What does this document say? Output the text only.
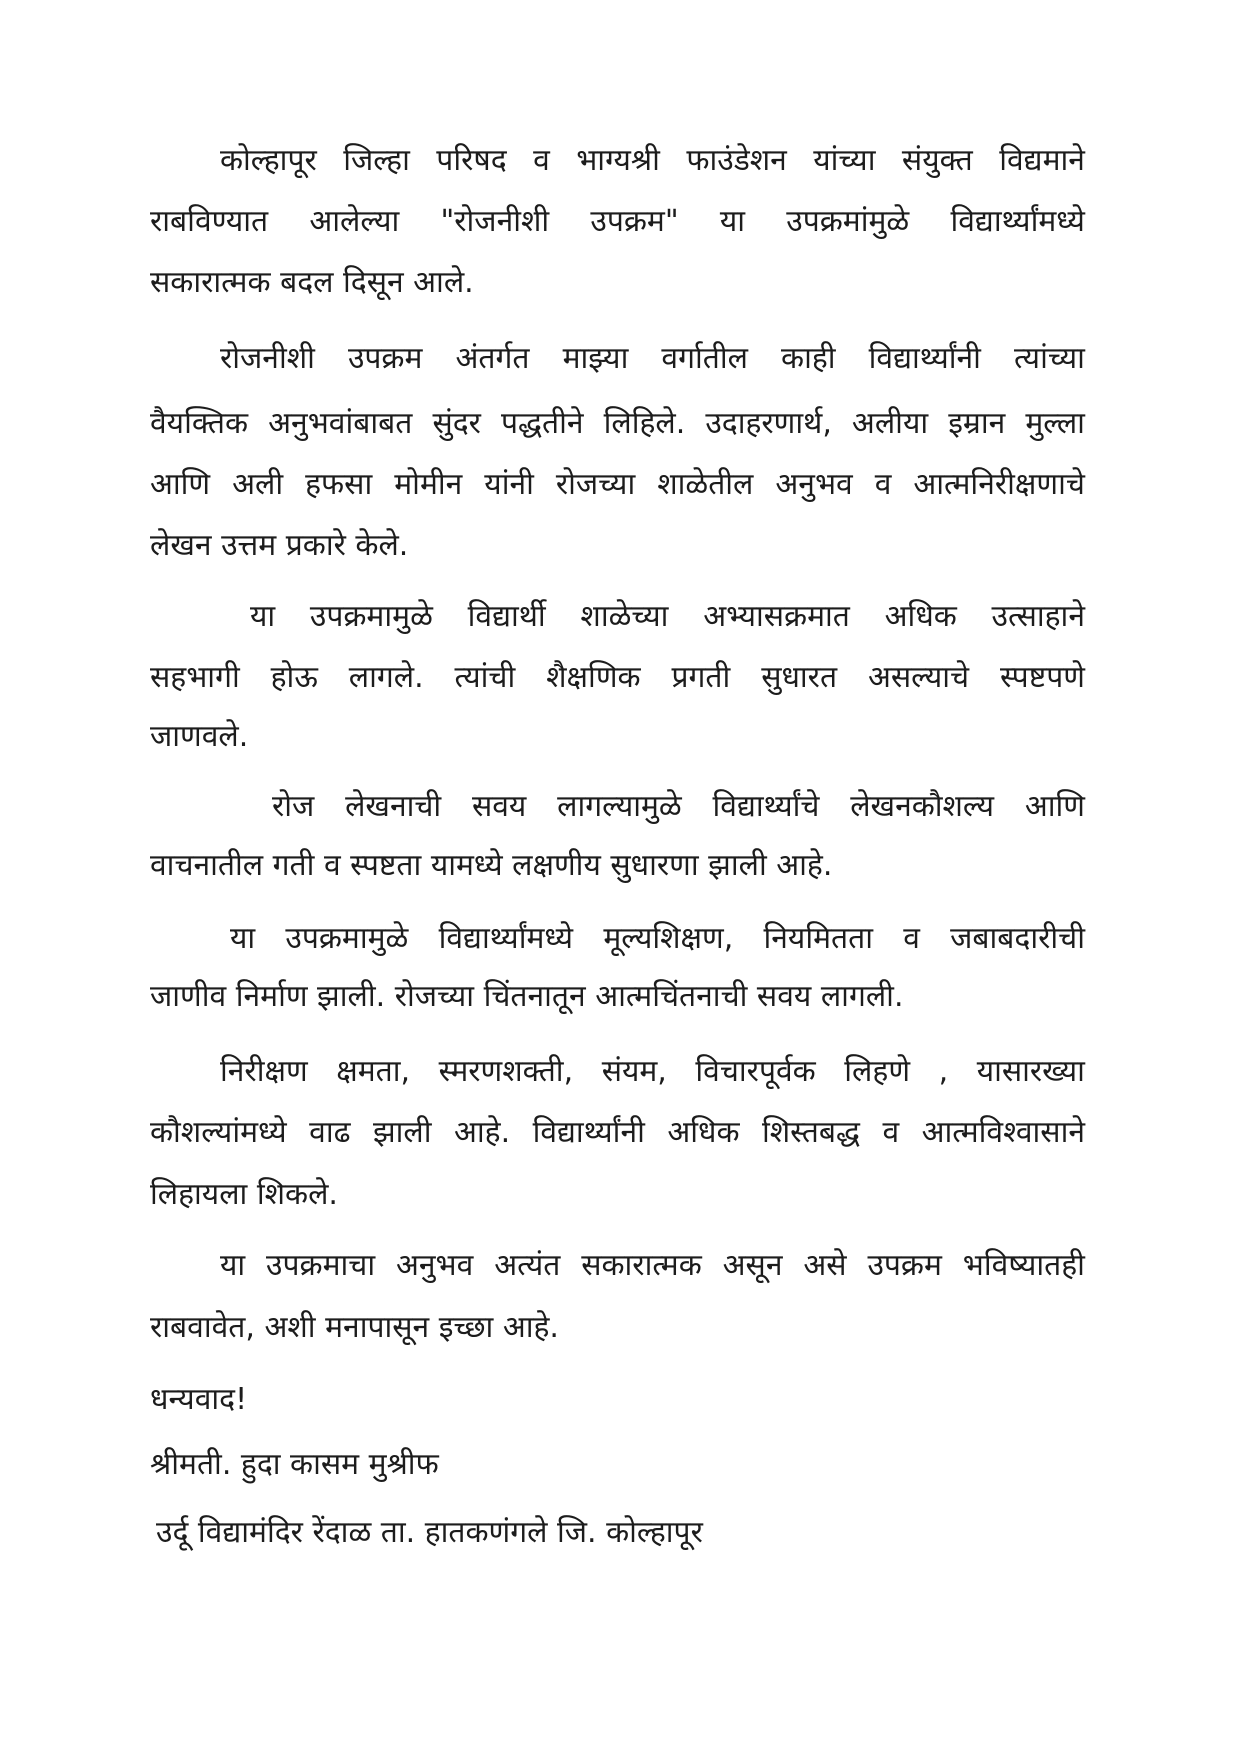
कोल्हापूर जिल्हा परिषद व भाग्यश्री फाउंडेशन यांच्या संयुक्त विद्यमाने
राबविण्यात आलेल्या "रोजनीशी उपक्रम" या उपक्रमांमुळे विद्यार्थ्यांमध्ये
सकारात्मक बदल दिसून आले.
रोजनीशी उपक्रम अंतर्गत माझ्या वर्गातील काही विद्यार्थ्यांनी त्यांच्या
वैयक्तिक अनुभवांबाबत सुंदर पद्धतीने लिहिले. उदाहरणार्थ, अलीया इम्रान मुल्ला
आणि अली हफसा मोमीन यांनी रोजच्या शाळेतील अनुभव व आत्मनिरीक्षणाचे
लेखन उत्तम प्रकारे केले.
या उपक्रमामुळे विद्यार्थी शाळेच्या अभ्यासक्रमात अधिक उत्साहाने
सहभागी होऊ लागले. त्यांची शैक्षणिक प्रगती सुधारत असल्याचे स्पष्टपणे
जाणवले.
रोज लेखनाची सवय लागल्यामुळे विद्यार्थ्यांचे लेखनकौशल्य आणि
वाचनातील गती व स्पष्टता यामध्ये लक्षणीय सुधारणा झाली आहे.
या उपक्रमामुळे विद्यार्थ्यांमध्ये मूल्यशिक्षण, नियमितता व जबाबदारीची
जाणीव निर्माण झाली. रोजच्या चिंतनातून आत्मचिंतनाची सवय लागली.
निरीक्षण क्षमता, स्मरणशक्ती, संयम, विचारपूर्वक लिहणे , यासारख्या
कौशल्यांमध्ये वाढ झाली आहे. विद्यार्थ्यांनी अधिक शिस्तबद्ध व आत्मविश्वासाने
लिहायला शिकले.
या उपक्रमाचा अनुभव अत्यंत सकारात्मक असून असे उपक्रम भविष्यातही
राबवावेत, अशी मनापासून इच्छा आहे.
धन्यवाद!
श्रीमती. हुदा कासम मुश्रीफ
उर्दू विद्यामंदिर रेंदाळ ता. हातकणंगले जि. कोल्हापूर
